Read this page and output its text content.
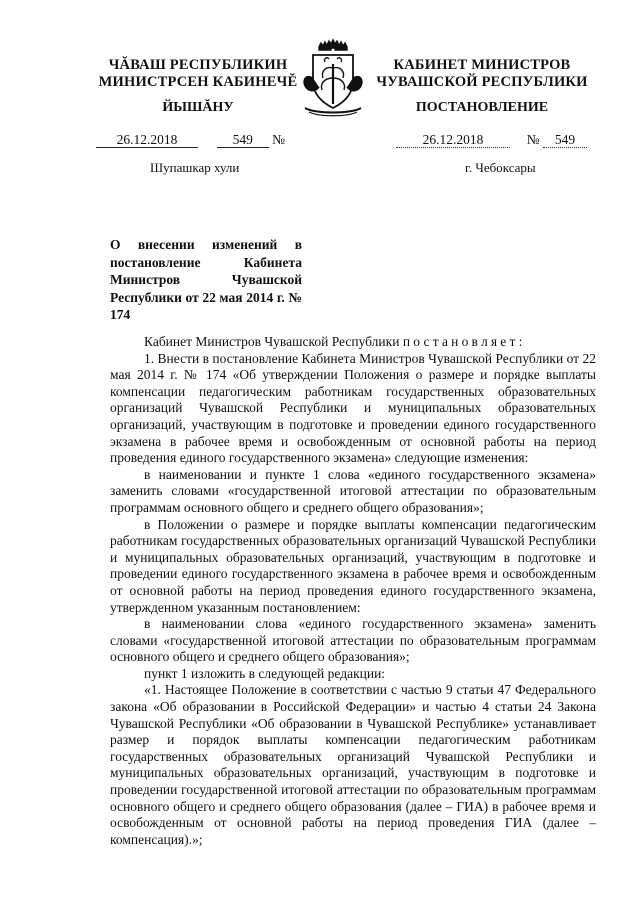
ЧĂВАШ РЕСПУБЛИКИН
МИНИСТРСЕН КАБИНЕЧĔ
КАБИНЕТ МИНИСТРОВ
ЧУВАШСКОЙ РЕСПУБЛИКИ
ЙЫШĂНУ	ПОСТАНОВЛЕНИЕ
26.12.2018	549 №	26.12.2018	№ 549
Шупашкар хули	г. Чебоксары
О внесении изменений в постановление Кабинета Министров Чувашской Республики от 22 мая 2014 г. № 174

Кабинет Министров Чувашской Республики постановляет:

1. Внести в постановление Кабинета Министров Чувашской Республики от 22 мая 2014 г. № 174 «Об утверждении Положения о размере и порядке выплаты компенсации педагогическим работникам государственных образовательных организаций Чувашской Республики и муниципальных образовательных организаций, участвующим в подготовке и проведении единого государственного экзамена в рабочее время и освобожденным от основной работы на период проведения единого государственного экзамена» следующие изменения:

в наименовании и пункте 1 слова «единого государственного экзамена» заменить словами «государственной итоговой аттестации по образовательным программам основного общего и среднего общего образования»;

в Положении о размере и порядке выплаты компенсации педагогическим работникам государственных образовательных организаций Чувашской Республики и муниципальных образовательных организаций, участвующим в подготовке и проведении единого государственного экзамена в рабочее время и освобожденным от основной работы на период проведения единого государственного экзамена, утвержденном указанным постановлением:

в наименовании слова «единого государственного экзамена» заменить словами «государственной итоговой аттестации по образовательным программам основного общего и среднего общего образования»;

пункт 1 изложить в следующей редакции:

«1. Настоящее Положение в соответствии с частью 9 статьи 47 Федерального закона «Об образовании в Российской Федерации» и частью 4 статьи 24 Закона Чувашской Республики «Об образовании в Чувашской Республике» устанавливает размер и порядок выплаты компенсации педагогическим работникам государственных образовательных организаций Чувашской Республики и муниципальных образовательных организаций, участвующим в подготовке и проведении государственной итоговой аттестации по образовательным программам основного общего и среднего общего образования (далее – ГИА) в рабочее время и освобожденным от основной работы на период проведения ГИА (далее – компенсация).»;
